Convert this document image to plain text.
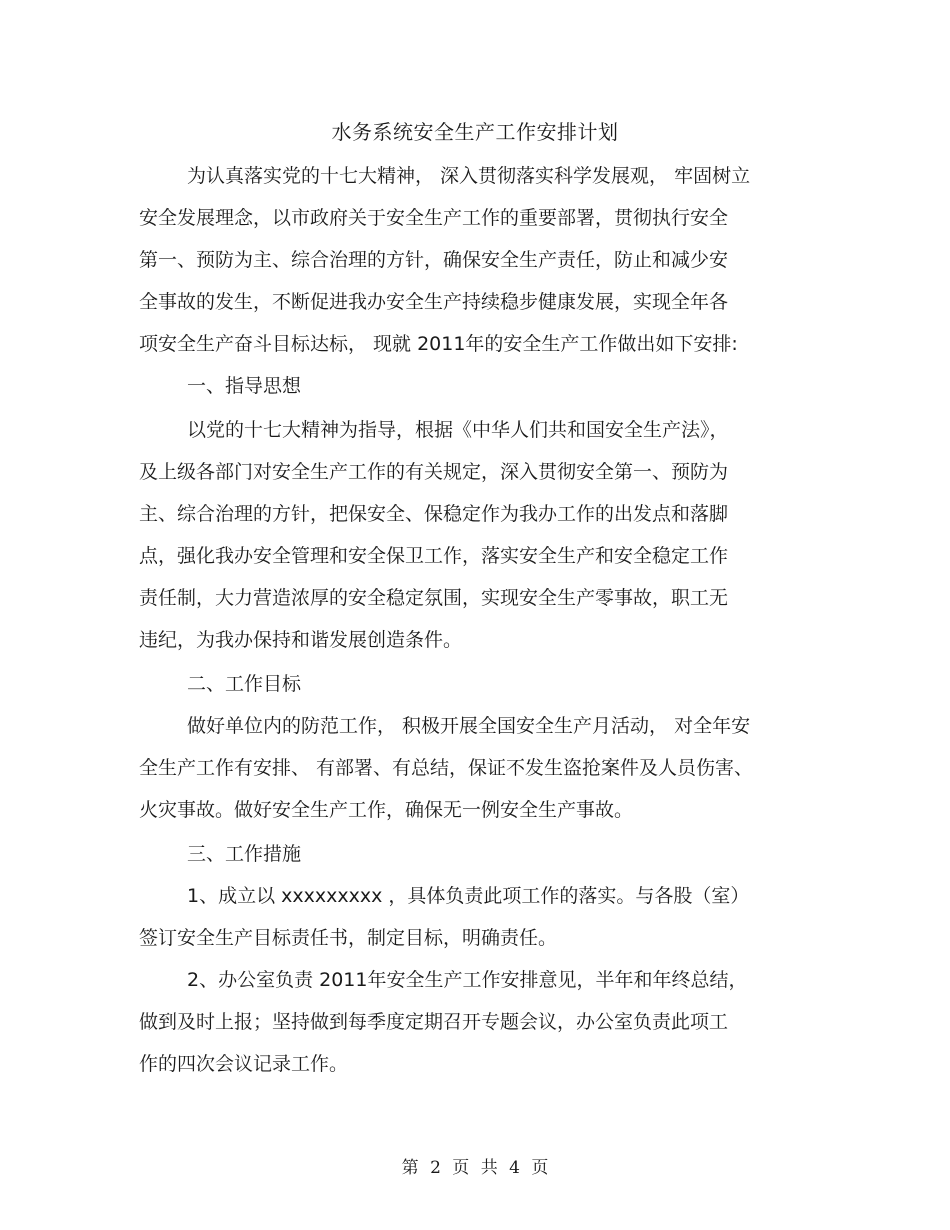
水务系统安全生产工作安排计划
为认真落实党的十七大精神， 深入贯彻落实科学发展观， 牢固树立
安全发展理念，以市政府关于安全生产工作的重要部署，贯彻执行安全
第一、预防为主、综合治理的方针，确保安全生产责任，防止和减少安
全事故的发生，不断促进我办安全生产持续稳步健康发展，实现全年各
项安全生产奋斗目标达标， 现就 2011年的安全生产工作做出如下安排:
一、指导思想
以党的十七大精神为指导，根据《中华人们共和国安全生产法》，
及上级各部门对安全生产工作的有关规定，深入贯彻安全第一、预防为
主、综合治理的方针，把保安全、保稳定作为我办工作的出发点和落脚
点，强化我办安全管理和安全保卫工作，落实安全生产和安全稳定工作
责任制，大力营造浓厚的安全稳定氛围，实现安全生产零事故，职工无
违纪，为我办保持和谐发展创造条件。
二、工作目标
做好单位内的防范工作， 积极开展全国安全生产月活动， 对全年安
全生产工作有安排、 有部署、有总结，保证不发生盗抢案件及人员伤害、
火灾事故。做好安全生产工作，确保无一例安全生产事故。
三、工作措施
1、成立以 xxxxxxxxx ，具体负责此项工作的落实。与各股（室）
签订安全生产目标责任书，制定目标，明确责任。
2、办公室负责 2011年安全生产工作安排意见，半年和年终总结，
做到及时上报；坚持做到每季度定期召开专题会议，办公室负责此项工
作的四次会议记录工作。
第 2 页 共 4 页
